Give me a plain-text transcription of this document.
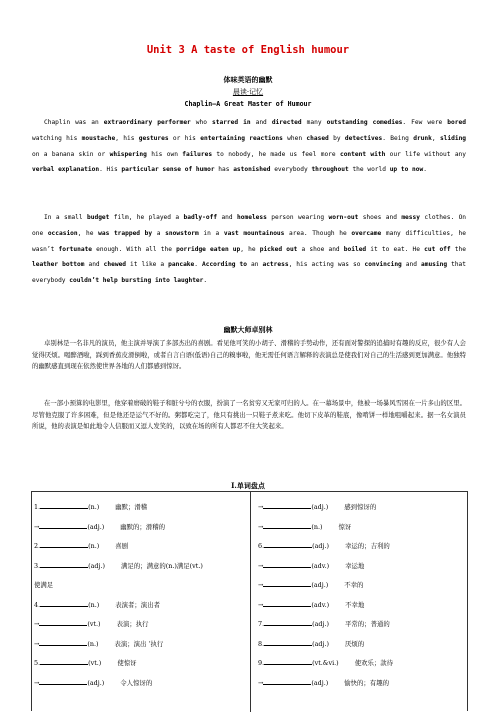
Unit 3 A taste of English humour
体味英语的幽默
晨读·记忆
Chaplin—A Great Master of Humour

Chaplin was an extraordinary performer who starred in and directed many outstanding comedies. Few were bored watching his moustache, his gestures or his entertaining reactions when chased by detectives. Being drunk, sliding on a banana skin or whispering his own failures to nobody, he made us feel more content with our life without any verbal explanation. His particular sense of humor has astonished everybody throughout the world up to now.

In a small budget film, he played a badly-off and homeless person wearing worn-out shoes and messy clothes. On one occasion, he was trapped by a snowstorm in a vast mountainous area. Though he overcame many difficulties, he wasn’t fortunate enough. With all the porridge eaten up, he picked out a shoe and boiled it to eat. He cut off the leather bottom and chewed it like a pancake. According to an actress, his acting was so convincing and amusing that everybody couldn’t help bursting into laughter.

幽默大师卓别林

卓别林是一名非凡的演员，他主演并导演了多部杰出的喜剧。看见他可笑的小胡子、滑稽的手势动作，还有面对警探的追捕时有趣的反应，很少有人会觉得厌烦。喝醉酒啦，踩到香蕉皮滑倒啦，或者自言自语(低语)自己的糗事啦，他无需任何语言解释的表演总是使我们对自己的生活感到更加满意。他独特的幽默感直到现在依然使世界各地的人们都感到惊讶。

在一部小预算的电影里，他穿着磨破的鞋子和脏兮兮的衣服，扮演了一名贫穷又无家可归的人。在一幕场景中，他被一场暴风雪困在一片多山的区里。尽管他克服了许多困难，但是他还是运气不好的。粥都吃完了，他只有挑出一只鞋子煮来吃。他切下皮革的鞋底，像啃饼一样地咀嚼起来。据一名女演员所说，他的表演是如此地令人信服而又逗人发笑的，以致在场的所有人都忍不住大笑起来。

Ⅰ.单词盘点
1.	(n.)	幽默；滑稽
→	(adj.)	幽默的；滑稽的
2.	(n.)	喜剧
3.	(adj.)	满足的；满意的(n.)满足(vt.)
使满足
4.	(n.)	表演者；演出者
→	(vt.)	表演；执行
→	(n.)	表演；演出 ‘执行
5.	(vt.)	使惊讶
→	(adj.)	令人惊讶的
→	(adj.)	感到惊讶的
→	(n.)	惊讶
6.	(adj.)	幸运的；吉利的
→	(adv.)	幸运地
→	(adj.)	不幸的
→	(adv.)	不幸地
7.	(adj.)	平常的；普通的
8.	(adj.)	厌烦的
9.	(vt.&vi.)	使欢乐；款待
→	(adj.)	愉快的；有趣的
